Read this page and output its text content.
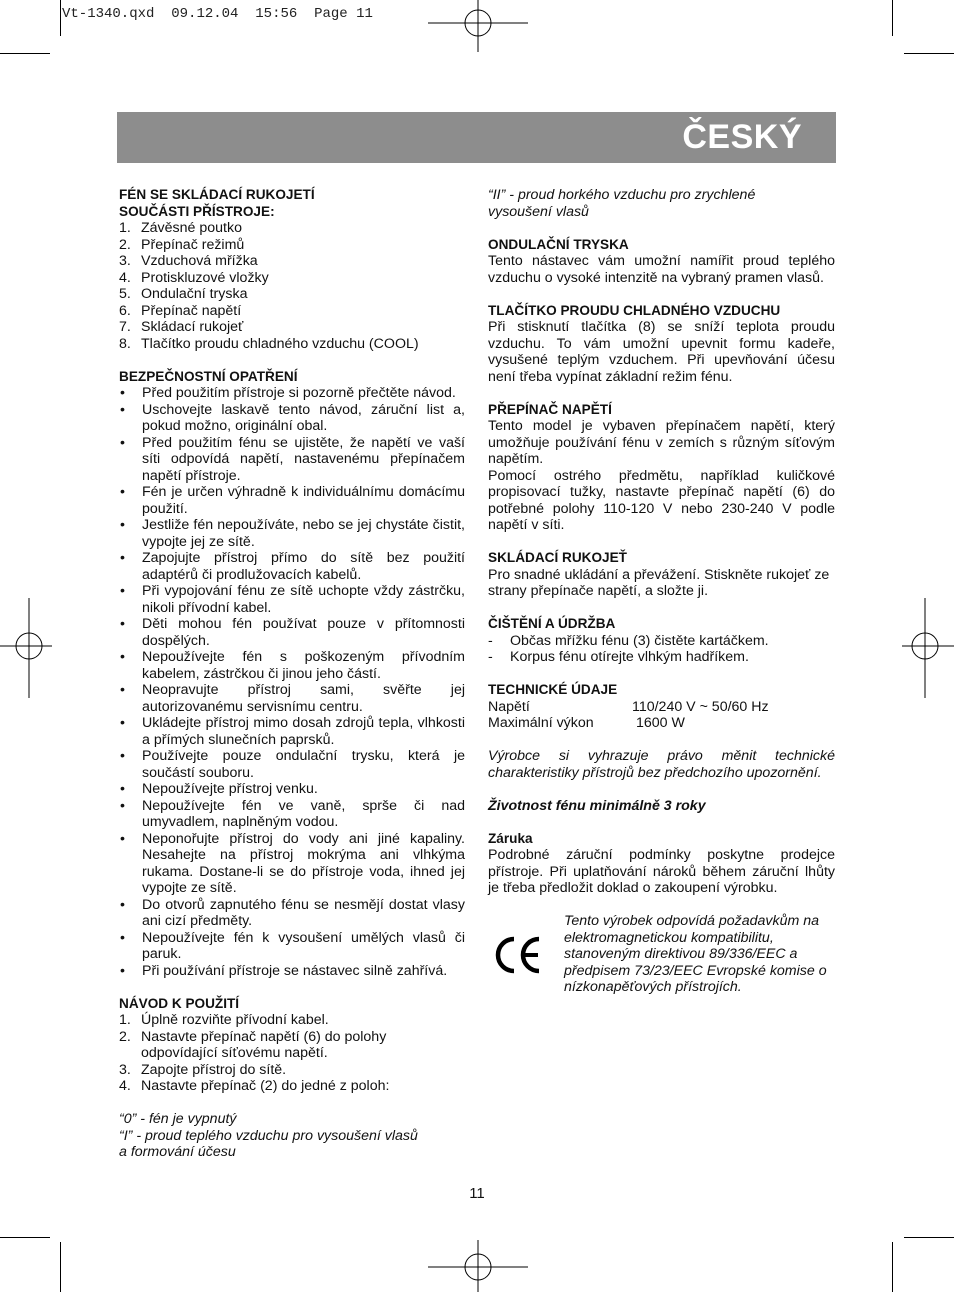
Vt-1340.qxd 09.12.04 15:56 Page 11
ČESKÝ
FÉN SE SKLÁDACÍ RUKOJETÍ
SOUČÁSTI PŘÍSTROJE:
1. Závěsné poutko
2. Přepínač režimů
3. Vzduchová mřížka
4. Protiskluzové vložky
5. Ondulační tryska
6. Přepínač napětí
7. Skládací rukojeť
8. Tlačítko proudu chladného vzduchu (COOL)
BEZPEČNOSTNÍ OPATŘENÍ
•	Před použitím přístroje si pozorně přečtěte návod.
•	Uschovejte laskavě tento návod, záruční list a, pokud možno, originální obal.
•	Před použitím fénu se ujistěte, že napětí ve vaší síti odpovídá napětí, nastavenému přepínačem napětí přístroje.
•	Fén je určen výhradně k individuálnímu domácímu použití.
•	Jestliže fén nepoužíváte, nebo se jej chystáte čistit, vypojte jej ze sítě.
•	Zapojujte přístroj přímo do sítě bez použití adaptérů či prodlužovacích kabelů.
•	Při vypojování fénu ze sítě uchopte vždy zástrčku, nikoli přívodní kabel.
•	Děti mohou fén používat pouze v přítomnosti dospělých.
•	Nepoužívejte fén s poškozeným přívodním kabelem, zástrčkou či jinou jeho částí.
•	Neopravujte přístroj sami, svěřte jej autorizovanému servisnímu centru.
•	Ukládejte přístroj mimo dosah zdrojů tepla, vlhkosti a přímých slunečních paprsků.
•	Používejte pouze ondulační trysku, která je součástí souboru.
•	Nepoužívejte přístroj venku.
•	Nepoužívejte fén ve vaně, sprše či nad umyvadlem, naplněným vodou.
•	Neponořujte přístroj do vody ani jiné kapaliny. Nesahejte na přístroj mokrýma ani vlhkýma rukama. Dostane-li se do přístroje voda, ihned jej vypojte ze sítě.
•	Do otvorů zapnutého fénu se nesmějí dostat vlasy ani cizí předměty.
•	Nepoužívejte fén k vysoušení umělých vlasů či paruk.
•	Při používání přístroje se nástavec silně zahřívá.
NÁVOD K POUŽITÍ
1. Úplně rozviňte přívodní kabel.
2. Nastavte přepínač napětí (6) do polohy odpovídající síťovému napětí.
3. Zapojte přístroj do sítě.
4. Nastavte přepínač (2) do jedné z poloh:
“0” - fén je vypnutý
“I” - proud teplého vzduchu pro vysoušení vlasů a formování účesu
“II” - proud horkého vzduchu pro zrychlené vysoušení vlasů
ONDULAČNÍ TRYSKA

Tento nástavec vám umožní namířit proud teplého vzduchu o vysoké intenzitě na vybraný pramen vlasů.

TLAČÍTKO PROUDU CHLADNÉHO VZDUCHU

Při stisknutí tlačítka (8) se sníží teplota proudu vzduchu. To vám umožní upevnit formu kadeře, vysušené teplým vzduchem. Při upevňování účesu není třeba vypínat základní režim fénu.

PŘEPÍNAČ NAPĚTÍ

Tento model je vybaven přepínačem napětí, který umožňuje používání fénu v zemích s různým síťovým napětím.

Pomocí ostrého předmětu, například kuličkové propisovací tužky, nastavte přepínač napětí (6) do potřebné polohy 110-120 V nebo 230-240 V podle napětí v síti.

SKLÁDACÍ RUKOJEŤ

Pro snadné ukládání a převážení. Stiskněte rukojeť ze strany přepínače napětí, a složte ji.

ČIŠTĚNÍ A ÚDRŽBA
-	Občas mřížku fénu (3) čistěte kartáčkem.
-	Korpus fénu otírejte vlhkým hadříkem.
TECHNICKÉ ÚDAJE
Napětí	110/240 V ~ 50/60 Hz
Maximální výkon	1600 W

Výrobce si vyhrazuje právo měnit technické charakteristiky přístrojů bez předchozího upozornění.

Životnost fénu minimálně 3 roky
Záruka

Podrobné záruční podmínky poskytne prodejce přístroje. Při uplatňování nároků během záruční lhůty je třeba předložit doklad o zakoupení výrobku.

Tento výrobek odpovídá požadavkům na elektromagnetickou kompatibilitu, stanoveným direktivou 89/336/EEC a předpisem 73/23/EEC Evropské komise o nízkonapěťových přístrojích.
11
